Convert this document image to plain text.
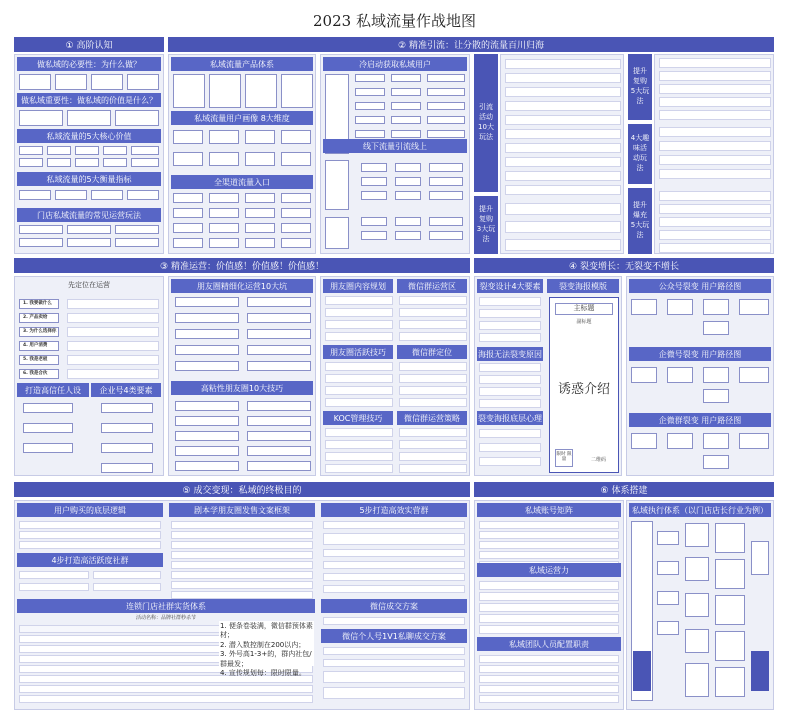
2023 私域流量作战地图
① 高阶认知
做私域的必要性：为什么做？
做私域重要性：做私域的价值是什么？
私域流量的5大核心价值
私域流量的5大衡量指标
门店私域流量的常见运营玩法
② 精准引流：让分散的流量百川归海
私域流量产品体系
私域流量用户画像 8大维度
全渠道流量入口
冷启动获取私域用户
线下流量引流线上
引流活动 10大玩法
提升复购 3大玩法
提升复购 5大玩法
4大趣味活动玩法
提升爆充 5大玩法
③ 精准运营：价值感！价值感！价值感！
先定位在运营
1. 我要做什么
2. 产品卖给
3. 为什么选择你
4. 用户消费
5. 我是老板
6. 我是合伙
打造高信任人设	企业号4类要素
朋友圈精细化运营10大坑
高粘性朋友圈10大技巧
朋友圈内容规划	微信群运营区
朋友圈活跃技巧	微信群定位
KOC管理技巧	微信群运营策略
④ 裂变增长：无裂变不增长
裂变设计4大要素	裂变海报模版
海报无法裂变原因
裂变海报底层心理
主标题
副标题
诱惑介绍
限时 限量	二维码
公众号裂变 用户路径图
企微号裂变 用户路径图
企微群裂变 用户路径图
⑤ 成交变现：私域的终极目的
用户购买的底层逻辑
4步打造高活跃度社群
剧本学朋友圈发售文案框架	5步打造高效实营群
连锁门店社群实货体系
活动名称：品牌社群秒杀节
微信成交方案
微信个人号1V1私聊成交方案
1. 便条卷装满，微信群预体素材；
2. 潜入数控制在200以内；
3. 外号高1-3+的，群内社包/群最发；
4. 宣传规划每：限时限量。
⑥ 体系搭建
私域账号矩阵
私域运营力
私域团队人员配置职责
私域执行体系（以门店店长行业为例）
